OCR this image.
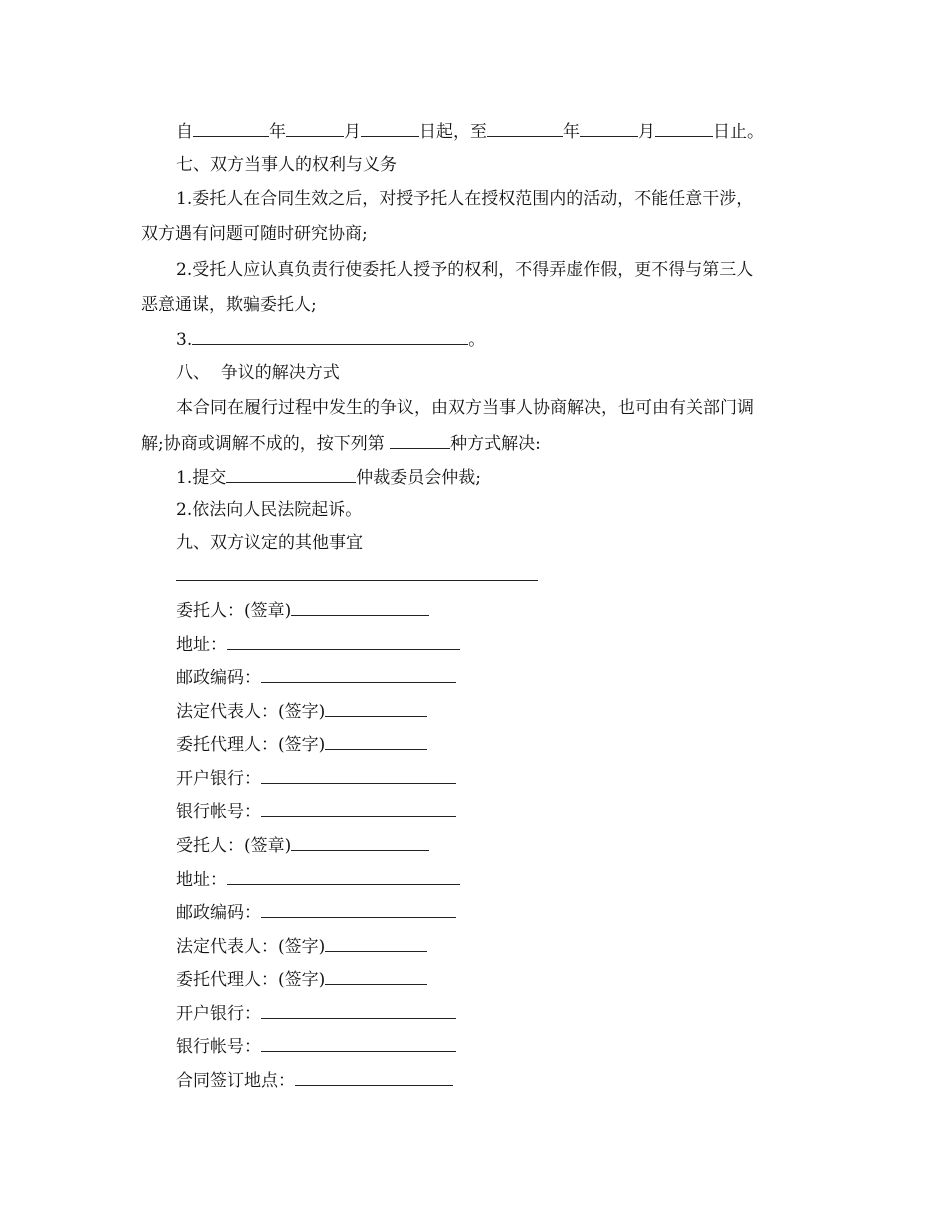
自	年	月	日起，至	年	月	日止。
七、双方当事人的权利与义务
1.委托人在合同生效之后，对授予托人在授权范围内的活动，不能任意干涉，
双方遇有问题可随时研究协商;
2.受托人应认真负责行使委托人授予的权利，不得弄虚作假，更不得与第三人
恶意通谋，欺骗委托人;
3.	。
八、  争议的解决方式
本合同在履行过程中发生的争议，由双方当事人协商解决，也可由有关部门调
解;协商或调解不成的，按下列第	种方式解决:
1.提交	仲裁委员会仲裁;
2.依法向人民法院起诉。
九、双方议定的其他事宜
委托人：(签章)
地址：
邮政编码：
法定代表人：(签字)
委托代理人：(签字)
开户银行：
银行帐号：
受托人：(签章)
地址：
邮政编码：
法定代表人：(签字)
委托代理人：(签字)
开户银行：
银行帐号：
合同签订地点：
